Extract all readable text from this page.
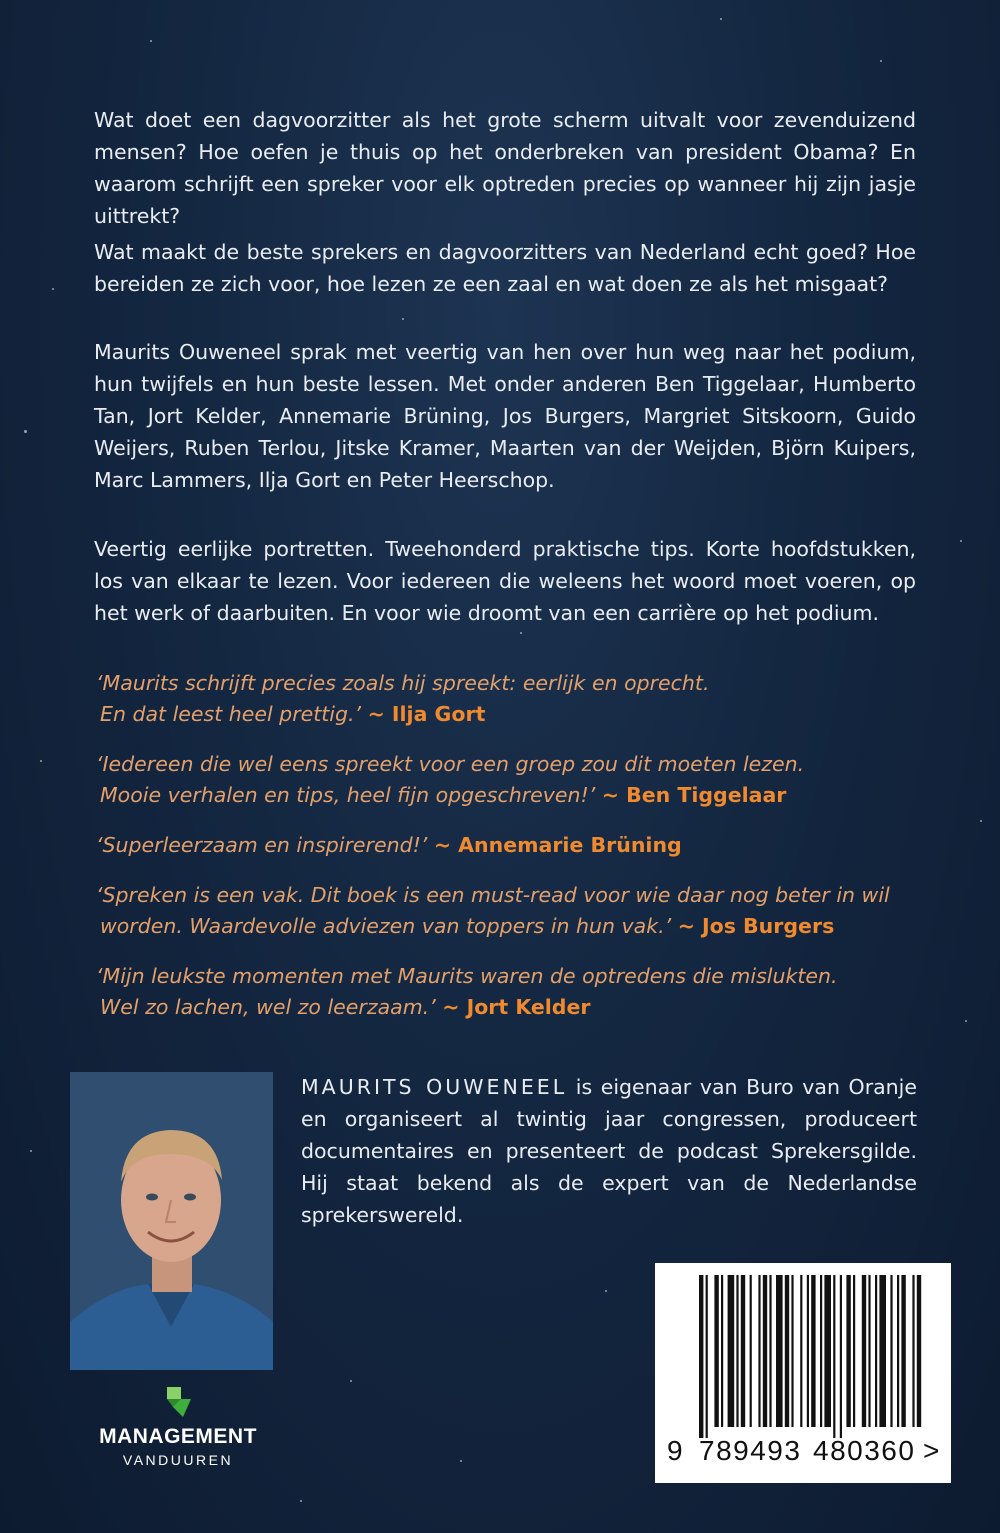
Wat doet een dagvoorzitter als het grote scherm uitvalt voor zevenduizend mensen? Hoe oefen je thuis op het onderbreken van president Obama? En waarom schrijft een spreker voor elk optreden precies op wanneer hij zijn jasje uittrekt?

Wat maakt de beste sprekers en dagvoorzitters van Nederland echt goed? Hoe bereiden ze zich voor, hoe lezen ze een zaal en wat doen ze als het misgaat?

Maurits Ouweneel sprak met veertig van hen over hun weg naar het podium, hun twijfels en hun beste lessen. Met onder anderen Ben Tiggelaar, Humberto Tan, Jort Kelder, Annemarie Brüning, Jos Burgers, Margriet Sitskoorn, Guido Weijers, Ruben Terlou, Jitske Kramer, Maarten van der Weijden, Björn Kuipers, Marc Lammers, Ilja Gort en Peter Heerschop.

Veertig eerlijke portretten. Tweehonderd praktische tips. Korte hoofdstukken, los van elkaar te lezen. Voor iedereen die weleens het woord moet voeren, op het werk of daarbuiten. En voor wie droomt van een carrière op het podium.

‘Maurits schrijft precies zoals hij spreekt: eerlijk en oprecht.
En dat leest heel prettig.’ ~ Ilja Gort

‘Iedereen die wel eens spreekt voor een groep zou dit moeten lezen.
Mooie verhalen en tips, heel fijn opgeschreven!’ ~ Ben Tiggelaar

‘Superleerzaam en inspirerend!’ ~ Annemarie Brüning

‘Spreken is een vak. Dit boek is een must-read voor wie daar nog beter in wil
worden. Waardevolle adviezen van toppers in hun vak.’ ~ Jos Burgers

‘Mijn leukste momenten met Maurits waren de optredens die mislukten.
Wel zo lachen, wel zo leerzaam.’ ~ Jort Kelder

MAURITS OUWENEEL is eigenaar van Buro van Oranje en organiseert al twintig jaar congressen, produceert documentaires en presenteert de podcast Sprekersgilde. Hij staat bekend als de expert van de Nederlandse sprekerswereld.
MANAGEMENT
VANDUUREN	9 789493 480360 >
